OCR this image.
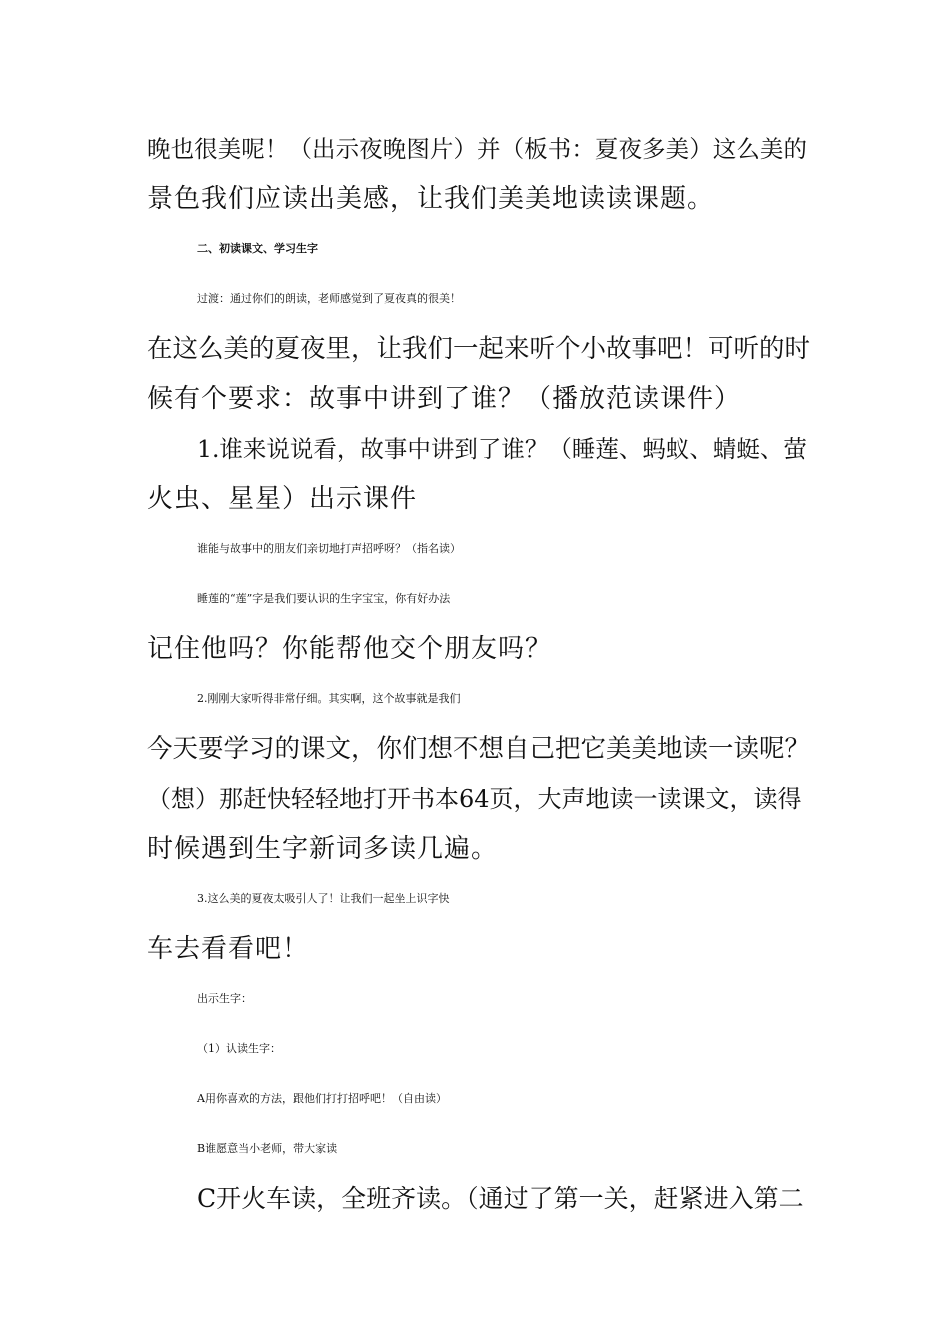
晚也很美呢！（出示夜晚图片）并（板书：夏夜多美）这么美的
景色我们应读出美感，让我们美美地读读课题。
二、初读课文、学习生字
过渡：通过你们的朗读，老师感觉到了夏夜真的很美！
在这么美的夏夜里，让我们一起来听个小故事吧！可听的时
候有个要求：故事中讲到了谁？（播放范读课件）
1.谁来说说看，故事中讲到了谁？（睡莲、蚂蚁、蜻蜓、萤
火虫、星星）出示课件
谁能与故事中的朋友们亲切地打声招呼呀？（指名读）
睡莲的“莲”字是我们要认识的生字宝宝，你有好办法
记住他吗？你能帮他交个朋友吗？
2.刚刚大家听得非常仔细。其实啊，这个故事就是我们
今天要学习的课文，你们想不想自己把它美美地读一读呢？
（想）那赶快轻轻地打开书本64页，大声地读一读课文，读得
时候遇到生字新词多读几遍。
3.这么美的夏夜太吸引人了！让我们一起坐上识字快
车去看看吧！
出示生字：
（1）认读生字：
A用你喜欢的方法，跟他们打打招呼吧！（自由读）
B谁愿意当小老师，带大家读
C开火车读，全班齐读。（通过了第一关，赶紧进入第二
